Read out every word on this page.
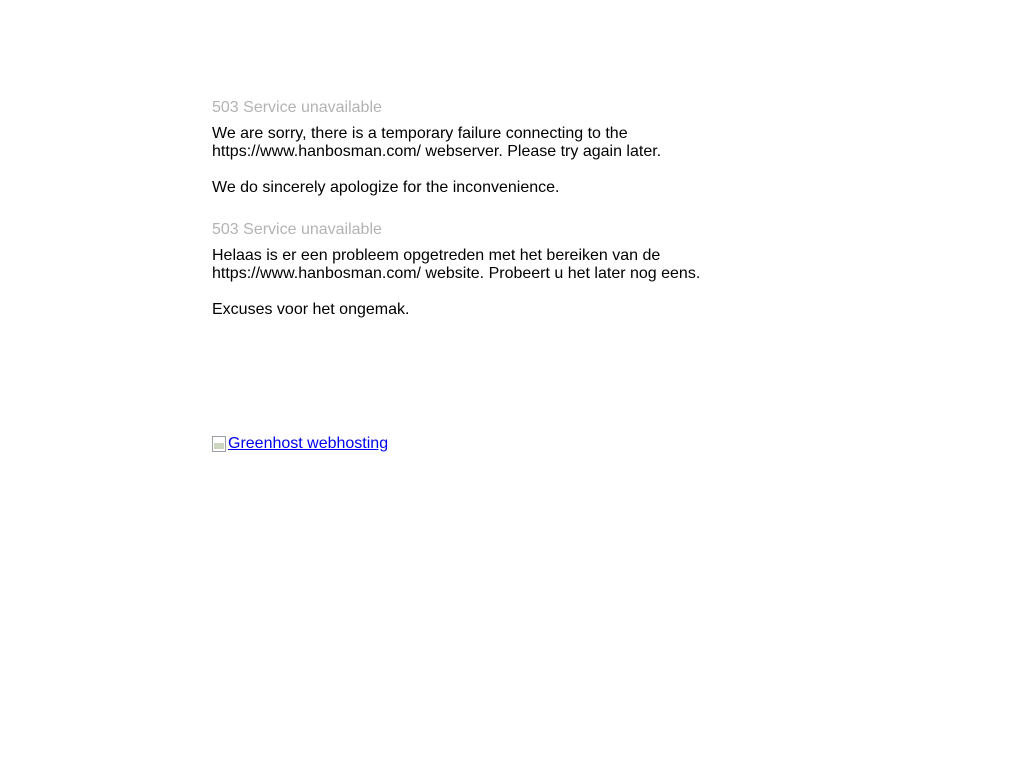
503 Service unavailable

We are sorry, there is a temporary failure connecting to the https://www.hanbosman.com/ webserver. Please try again later.

We do sincerely apologize for the inconvenience.

503 Service unavailable

Helaas is er een probleem opgetreden met het bereiken van de https://www.hanbosman.com/ website. Probeert u het later nog eens.

Excuses voor het ongemak.

Greenhost webhosting
